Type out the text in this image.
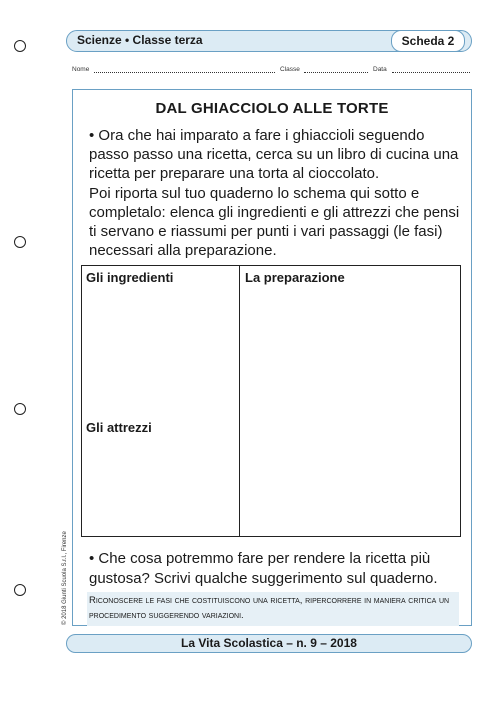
Scienze • Classe terza	Scheda 2
Nome	Classe	Data
DAL GHIACCIOLO ALLE TORTE

• Ora che hai imparato a fare i ghiaccioli seguendo passo passo una ricetta, cerca su un libro di cucina una ricetta per preparare una torta al cioccolato.

Poi riporta sul tuo quaderno lo schema qui sotto e completalo: elenca gli ingredienti e gli attrezzi che pensi ti servano e riassumi per punti i vari passaggi (le fasi) necessari alla preparazione.

Gli ingredienti
Gli attrezzi
La preparazione
• Che cosa potremmo fare per rendere la ricetta più gustosa? Scrivi qualche suggerimento sul quaderno.
Riconoscere le fasi che costituiscono una ricetta, ripercorrere in maniera critica un procedimento suggerendo variazioni.
© 2018 Giunti Scuola S.r.l., Firenze
La Vita Scolastica – n. 9 – 2018
